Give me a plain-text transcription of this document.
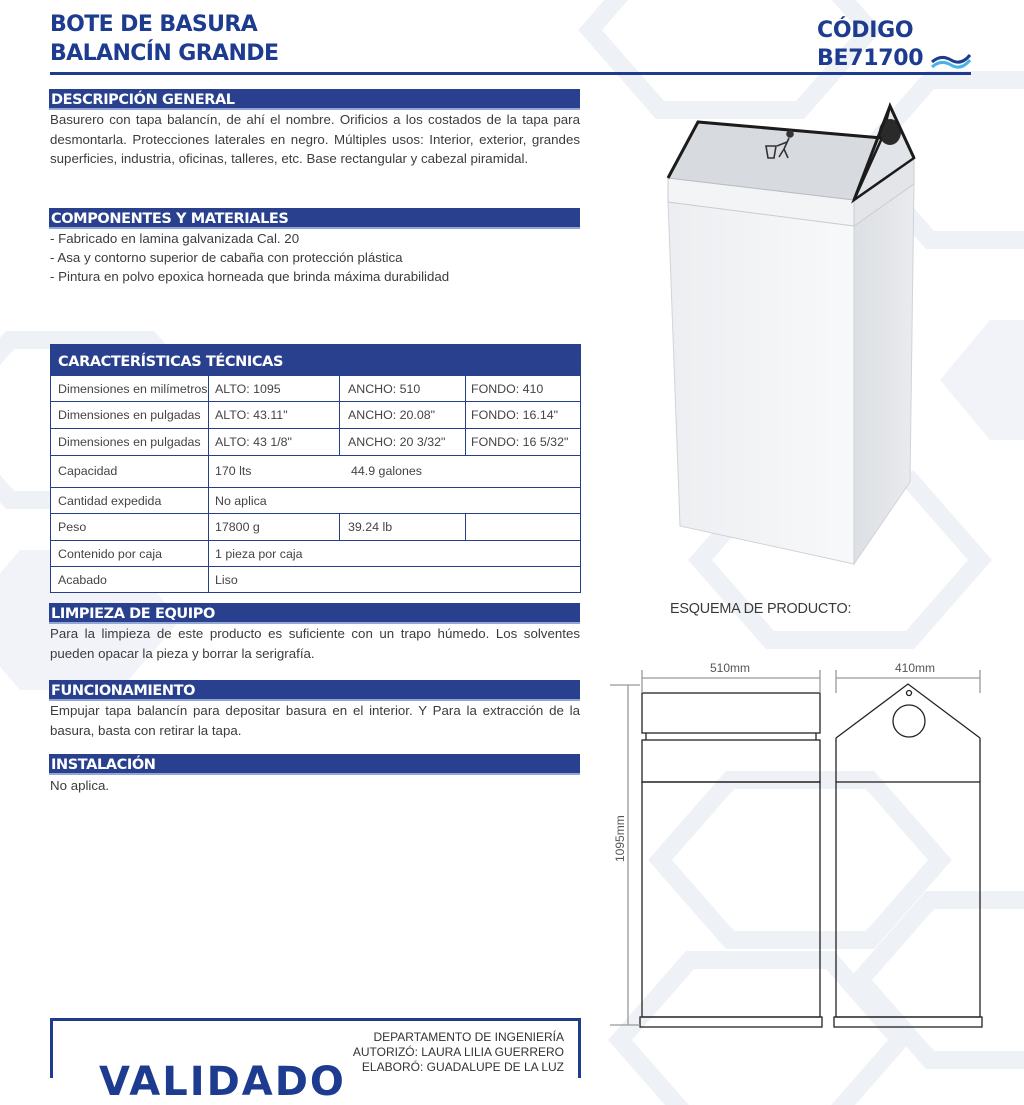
BOTE DE BASURA
BALANCÍN GRANDE
CÓDIGO
BE71700
DESCRIPCIÓN GENERAL
Basurero con tapa balancín, de ahí el nombre. Orificios a los costados de la tapa para desmontarla. Protecciones laterales en negro. Múltiples usos: Interior, exterior, grandes superficies, industria, oficinas, talleres, etc. Base rectangular y cabezal piramidal.
COMPONENTES Y MATERIALES
- Fabricado en lamina galvanizada Cal. 20
- Asa y contorno superior de cabaña con protección plástica
- Pintura en polvo epoxica horneada que brinda máxima durabilidad
CARACTERÍSTICAS TÉCNICAS
Dimensiones en milímetros ALTO: 1095	ANCHO: 510	FONDO: 410
Dimensiones en pulgadas	ALTO: 43.11"	ANCHO: 20.08"	FONDO: 16.14"
Dimensiones en pulgadas	ALTO: 43 1/8"	ANCHO: 20 3/32"	FONDO: 16 5/32"
Capacidad	170 lts	44.9 galones
Cantidad expedida	No aplica
Peso	17800 g	39.24 lb
Contenido por caja	1 pieza por caja
Acabado	Liso
LIMPIEZA DE EQUIPO
Para la limpieza de este producto es suficiente con un trapo húmedo. Los solventes pueden opacar la pieza y borrar la serigrafía.
FUNCIONAMIENTO
Empujar tapa balancín para depositar basura en el interior. Y Para la extracción de la basura, basta con retirar la tapa.
INSTALACIÓN
No aplica.
ESQUEMA DE PRODUCTO:
510mm	410mm
1095mm
DEPARTAMENTO DE INGENIERÍA
AUTORIZÓ: LAURA LILIA GUERRERO
ELABORÓ: GUADALUPE DE LA LUZ
VALIDADO
